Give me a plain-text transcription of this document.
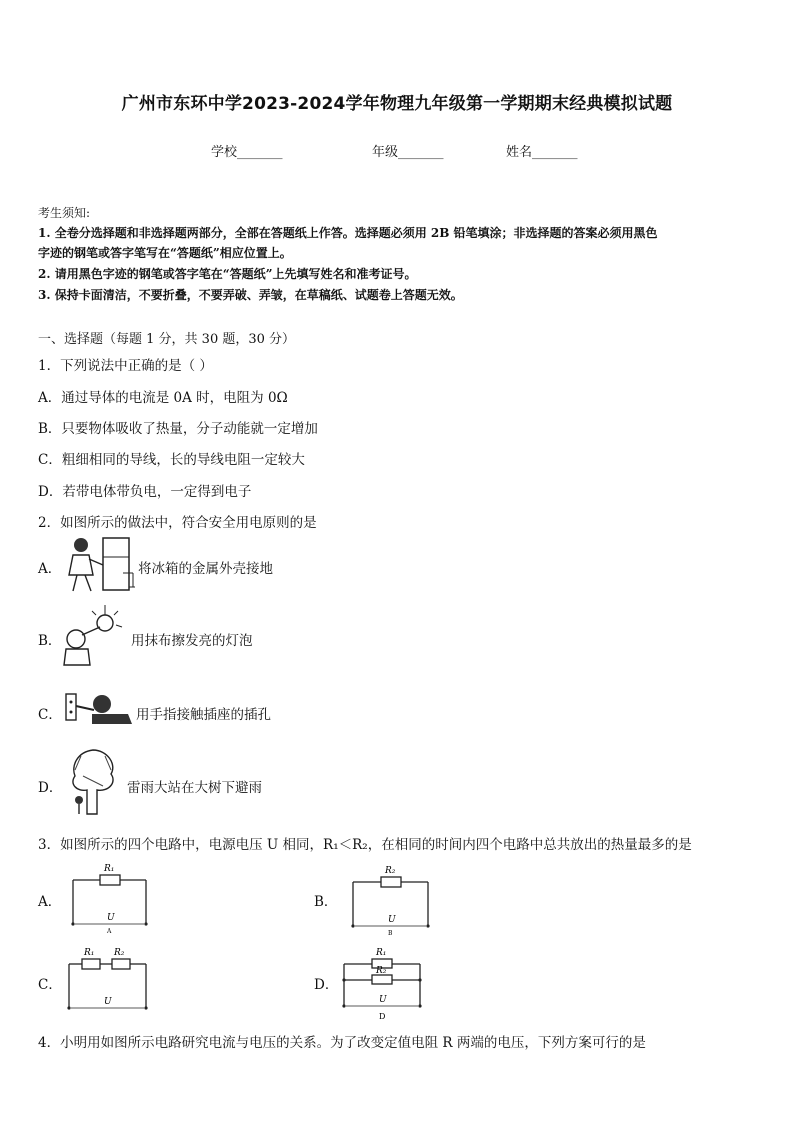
广州市东环中学2023-2024学年物理九年级第一学期期末经典模拟试题
学校_______	年级_______	姓名_______
考生须知:
1. 全卷分选择题和非选择题两部分，全部在答题纸上作答。选择题必须用 2B 铅笔填涂；非选择题的答案必须用黑色
字迹的钢笔或答字笔写在“答题纸”相应位置上。
2. 请用黑色字迹的钢笔或答字笔在“答题纸”上先填写姓名和准考证号。
3. 保持卡面清洁，不要折叠，不要弄破、弄皱，在草稿纸、试题卷上答题无效。
一、选择题（每题 1 分，共 30 题，30 分）
1．下列说法中正确的是（ ）
A．通过导体的电流是 0A 时，电阻为 0Ω
B．只要物体吸收了热量，分子动能就一定增加
C．粗细相同的导线，长的导线电阻一定较大
D．若带电体带负电，一定得到电子
2．如图所示的做法中，符合安全用电原则的是
A．	将冰箱的金属外壳接地
B．	用抹布擦发亮的灯泡
C．	用手指接触插座的插孔
D．	雷雨大站在大树下避雨
3．如图所示的四个电路中，电源电压 U 相同，R₁＜R₂，在相同的时间内四个电路中总共放出的热量最多的是
A．
R₁
U
A
B．
R₂
U
B
C．
R₁ R₂
U
D．
R₁
R₂
U
D
4．小明用如图所示电路研究电流与电压的关系。为了改变定值电阻 R 两端的电压，下列方案可行的是
